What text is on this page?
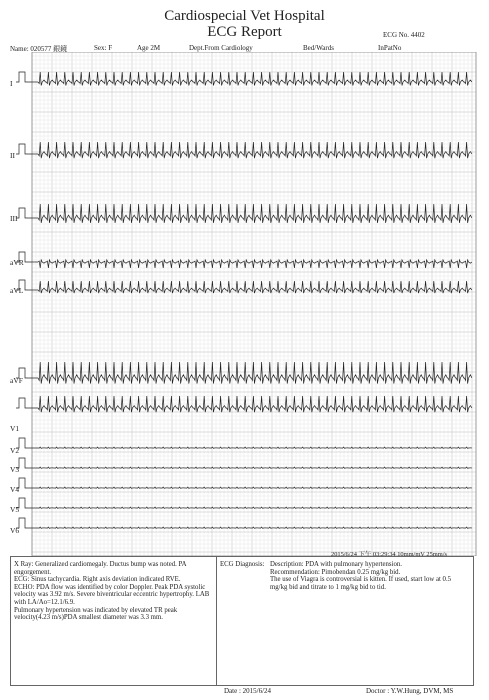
Cardiospecial Vet Hospital
ECG Report	ECG No. 4402
Name: 020577 銀鏡	Sex: F	Age 2M	Dept.From Cardiology	Bed/Wards	InPatNo
I
II
III
aVR
aVL
aVF
V1
V2
V3
V4
V5
V6
2015/6/24 下午 03:29:34 10mm/mV 25mm/s
X Ray: Generalized cardiomegaly. Ductus bump was noted. PA engorgement.
ECG: Sinus tachycardia. Right axis deviation indicated RVE.
ECHO: PDA flow was identified by color Doppler. Peak PDA systolic velocity was 3.92 m/s. Severe biventricular eccentric hypertrophy. LAB with LA/Ao=12.1/6.9.
Pulmonary hypertension was indicated by elevated TR peak velocity(4.23 m/s)PDA smallest diameter was 3.3 mm.
ECG Diagnosis: Description: PDA with pulmonary hypertension.
Recommendation: Pimobendan 0.25 mg/kg bid.
The use of Viagra is controversial is kitten. If used, start low at 0.5 mg/kg bid and titrate to 1 mg/kg bid to tid.
Date : 2015/6/24	Doctor : Y.W.Hung, DVM, MS
